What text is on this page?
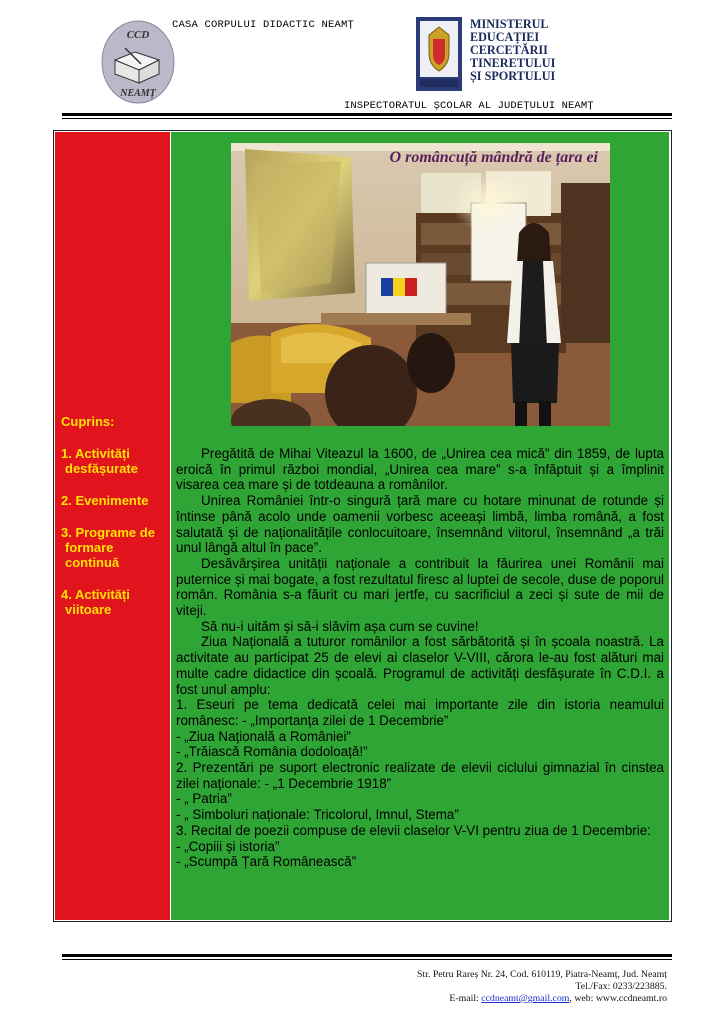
CCD
NEAMȚ
CASA CORPULUI DIDACTIC NEAMȚ	MINISTERUL
EDUCAȚIEI
CERCETĂRII
TINERETULUI
ȘI SPORTULUI
INSPECTORATUL ȘCOLAR AL JUDEȚULUI NEAMȚ
Cuprins:
1. Activități
desfășurate
2. Evenimente
3. Programe de
formare
continuă
4. Activități
viitoare
O româncuță mândră de țara ei

Pregătită de Mihai Viteazul la 1600, de „Unirea cea mică” din 1859, de lupta eroică în primul război mondial, „Unirea cea mare” s-a înfăptuit și a împlinit visarea cea mare și de totdeauna a românilor.

Unirea României într-o singură țară mare cu hotare minunat de rotunde și întinse până acolo unde oamenii vorbesc aceeași limbă, limba română, a fost salutată și de naționalitățile conlocuitoare, însemnând viitorul, însemnând „a trăi unul lângă altul în pace”.

Desăvârșirea unității naționale a contribuit la făurirea unei Românii mai puternice și mai bogate, a fost rezultatul firesc al luptei de secole, duse de poporul român. România s-a făurit cu mari jertfe, cu sacrificiul a zeci și sute de mii de viteji.

Să nu-i uităm și să-i slăvim așa cum se cuvine!

Ziua Națională a tuturor românilor a fost sărbătorită și în școala noastră. La activitate au participat 25 de elevi ai claselor V-VIII, cărora le-au fost alături mai multe cadre didactice din școală. Programul de activități desfășurate în C.D.I. a fost unul amplu:

1. Eseuri pe tema dedicată celei mai importante zile din istoria neamului românesc: - „Importanța zilei de 1 Decembrie”

- „Ziua Națională a României”

- „Trăiască România dodoloață!”

2. Prezentări pe suport electronic realizate de elevii ciclului gimnazial în cinstea zilei naționale: - „1 Decembrie 1918”

- „ Patria”

- „ Simboluri naționale: Tricolorul, Imnul, Stema”

3. Recital de poezii compuse de elevii claselor V-VI pentru ziua de 1 Decembrie:

- „Copiii și istoria”

- „Scumpă Țară Românească”

Str. Petru Rareș Nr. 24, Cod. 610119, Piatra-Neamț, Jud. Neamț
Tel./Fax: 0233/223885.
E-mail: ccdneamt@gmail.com, web: www.ccdneamt.ro
